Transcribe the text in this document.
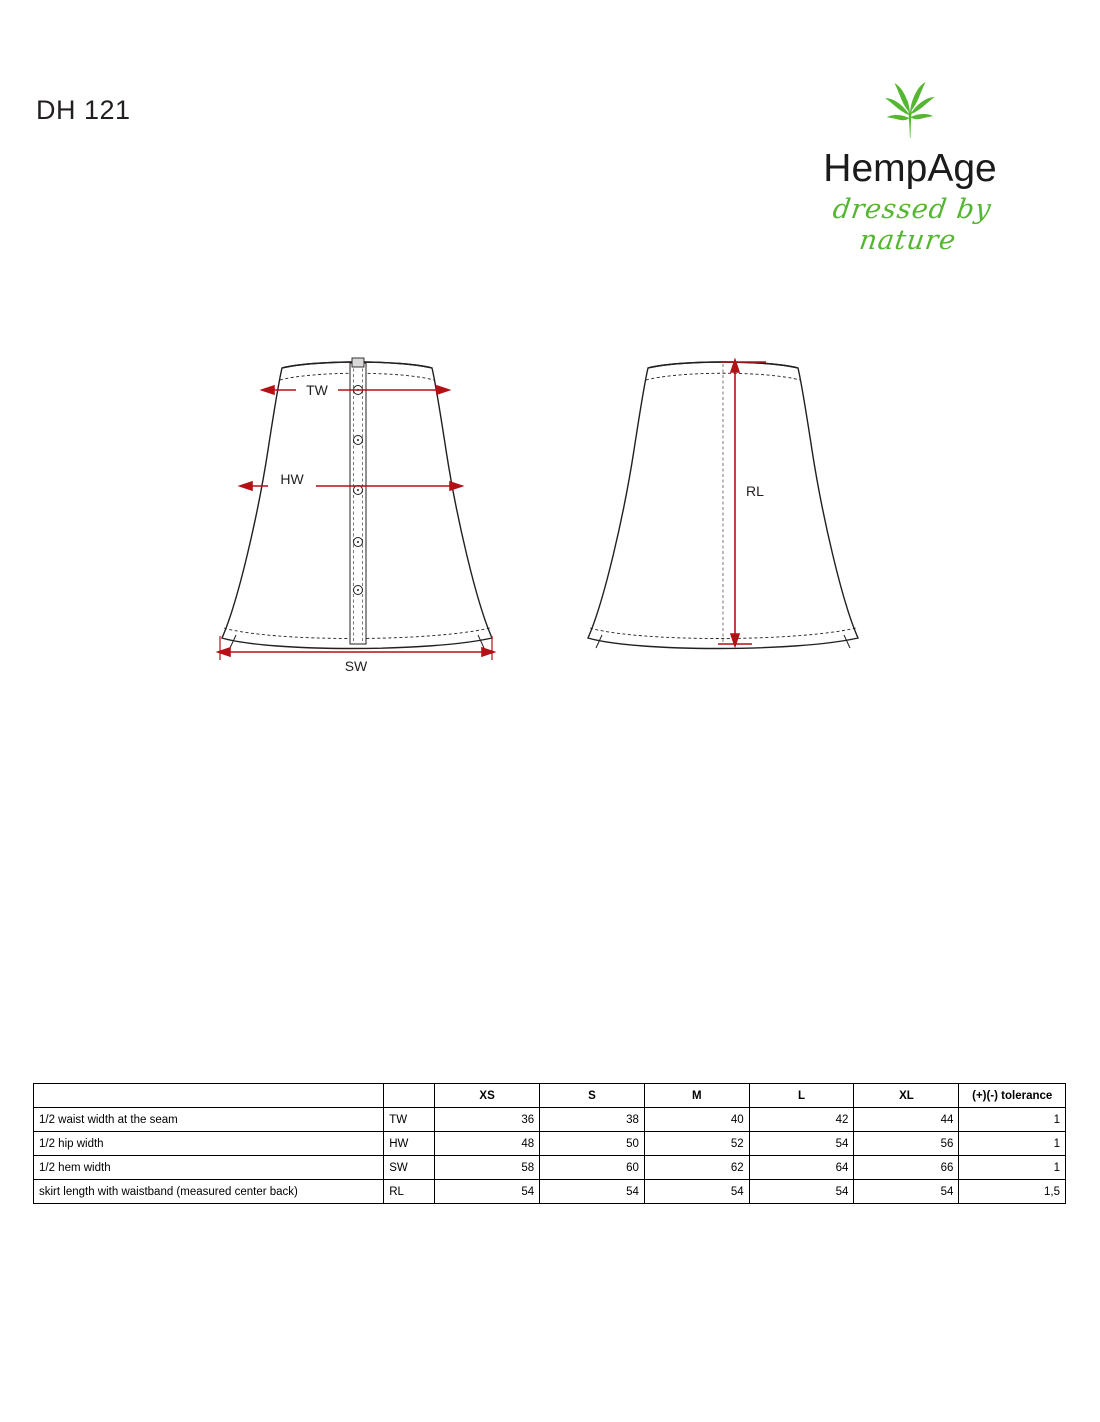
DH 121
HempAge
dressed by nature
TW
HW
SW
RL
		XS	S	M	L	XL	(+)(-) tolerance
1/2 waist width at the seam	TW	36	38	40	42	44	1
1/2 hip width	HW	48	50	52	54	56	1
1/2 hem width	SW	58	60	62	64	66	1
skirt length with waistband (measured center back)	RL	54	54	54	54	54	1,5
